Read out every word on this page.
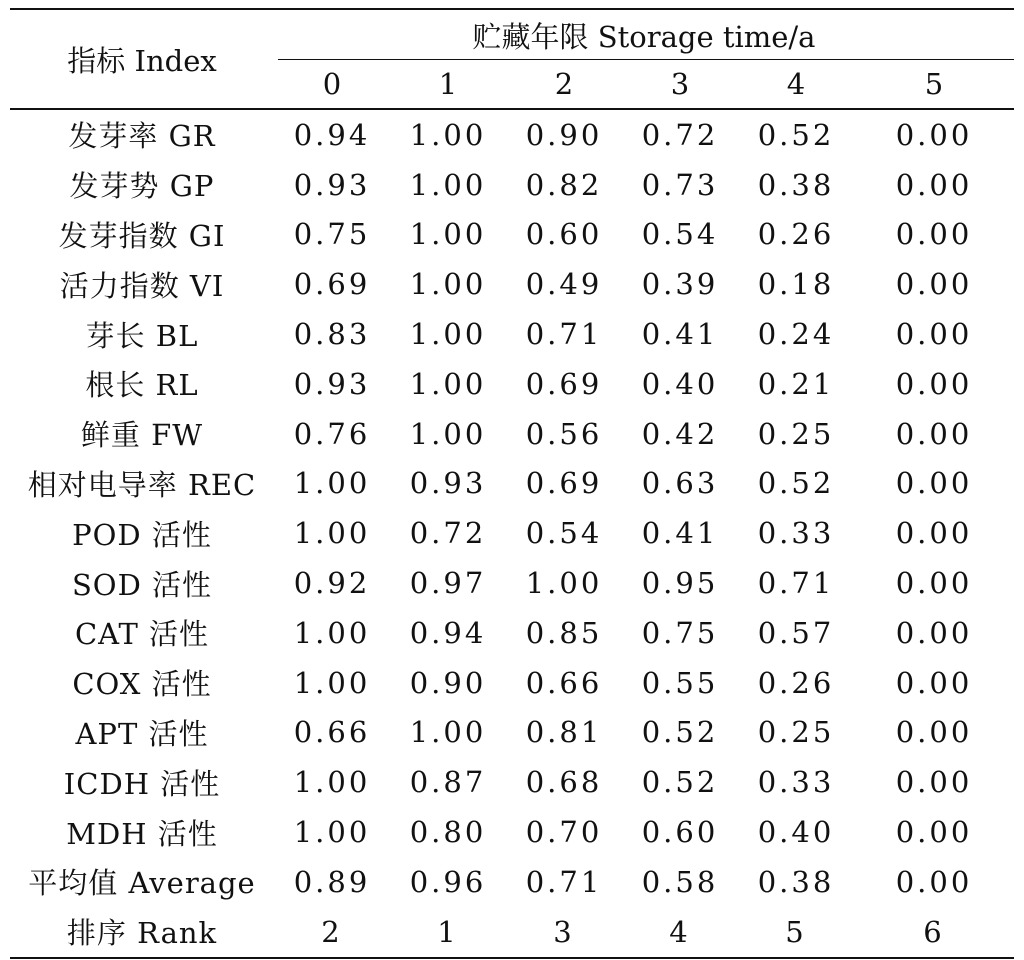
指标 Index	贮藏年限 Storage time/a					
	0	1	2	3	4	5
发芽率 GR	0.94	1.00	0.90	0.72	0.52	0.00
发芽势 GP	0.93	1.00	0.82	0.73	0.38	0.00
发芽指数 GI	0.75	1.00	0.60	0.54	0.26	0.00
活力指数 VI	0.69	1.00	0.49	0.39	0.18	0.00
芽长 BL	0.83	1.00	0.71	0.41	0.24	0.00
根长 RL	0.93	1.00	0.69	0.40	0.21	0.00
鲜重 FW	0.76	1.00	0.56	0.42	0.25	0.00
相对电导率 REC	1.00	0.93	0.69	0.63	0.52	0.00
POD 活性	1.00	0.72	0.54	0.41	0.33	0.00
SOD 活性	0.92	0.97	1.00	0.95	0.71	0.00
CAT 活性	1.00	0.94	0.85	0.75	0.57	0.00
COX 活性	1.00	0.90	0.66	0.55	0.26	0.00
APT 活性	0.66	1.00	0.81	0.52	0.25	0.00
ICDH 活性	1.00	0.87	0.68	0.52	0.33	0.00
MDH 活性	1.00	0.80	0.70	0.60	0.40	0.00
平均值 Average	0.89	0.96	0.71	0.58	0.38	0.00
排序 Rank	2	1	3	4	5	6
